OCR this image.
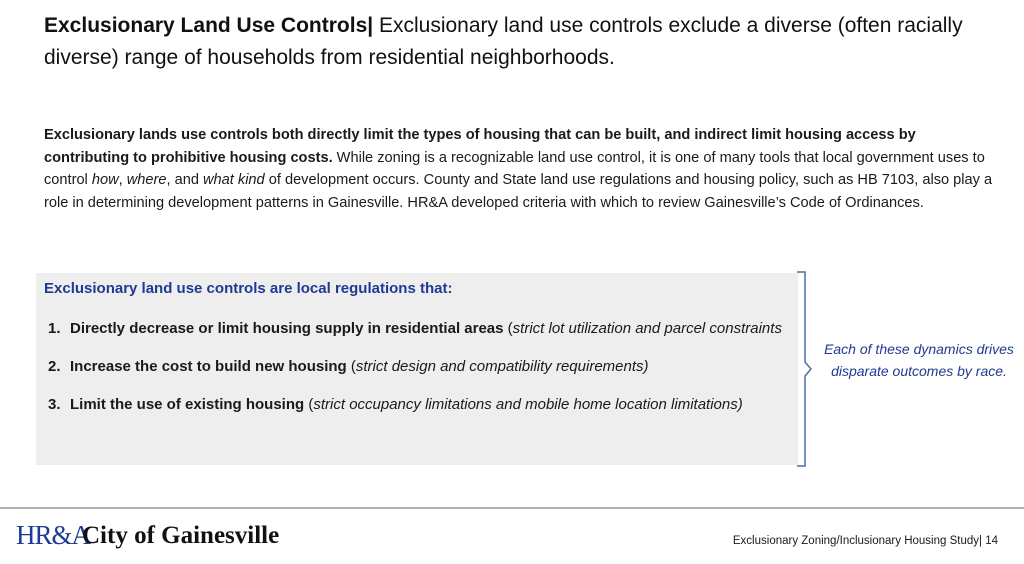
Exclusionary Land Use Controls| Exclusionary land use controls exclude a diverse (often racially diverse) range of households from residential neighborhoods.
Exclusionary lands use controls both directly limit the types of housing that can be built, and indirect limit housing access by contributing to prohibitive housing costs. While zoning is a recognizable land use control, it is one of many tools that local government uses to control how, where, and what kind of development occurs. County and State land use regulations and housing policy, such as HB 7103, also play a role in determining development patterns in Gainesville. HR&A developed criteria with which to review Gainesville’s Code of Ordinances.
Exclusionary land use controls are local regulations that:
1. Directly decrease or limit housing supply in residential areas (strict lot utilization and parcel constraints
2. Increase the cost to build new housing (strict design and compatibility requirements)
3. Limit the use of existing housing (strict occupancy limitations and mobile home location limitations)
Each of these dynamics drives disparate outcomes by race.
HR&A
City of Gainesville	Exclusionary Zoning/Inclusionary Housing Study| 14
